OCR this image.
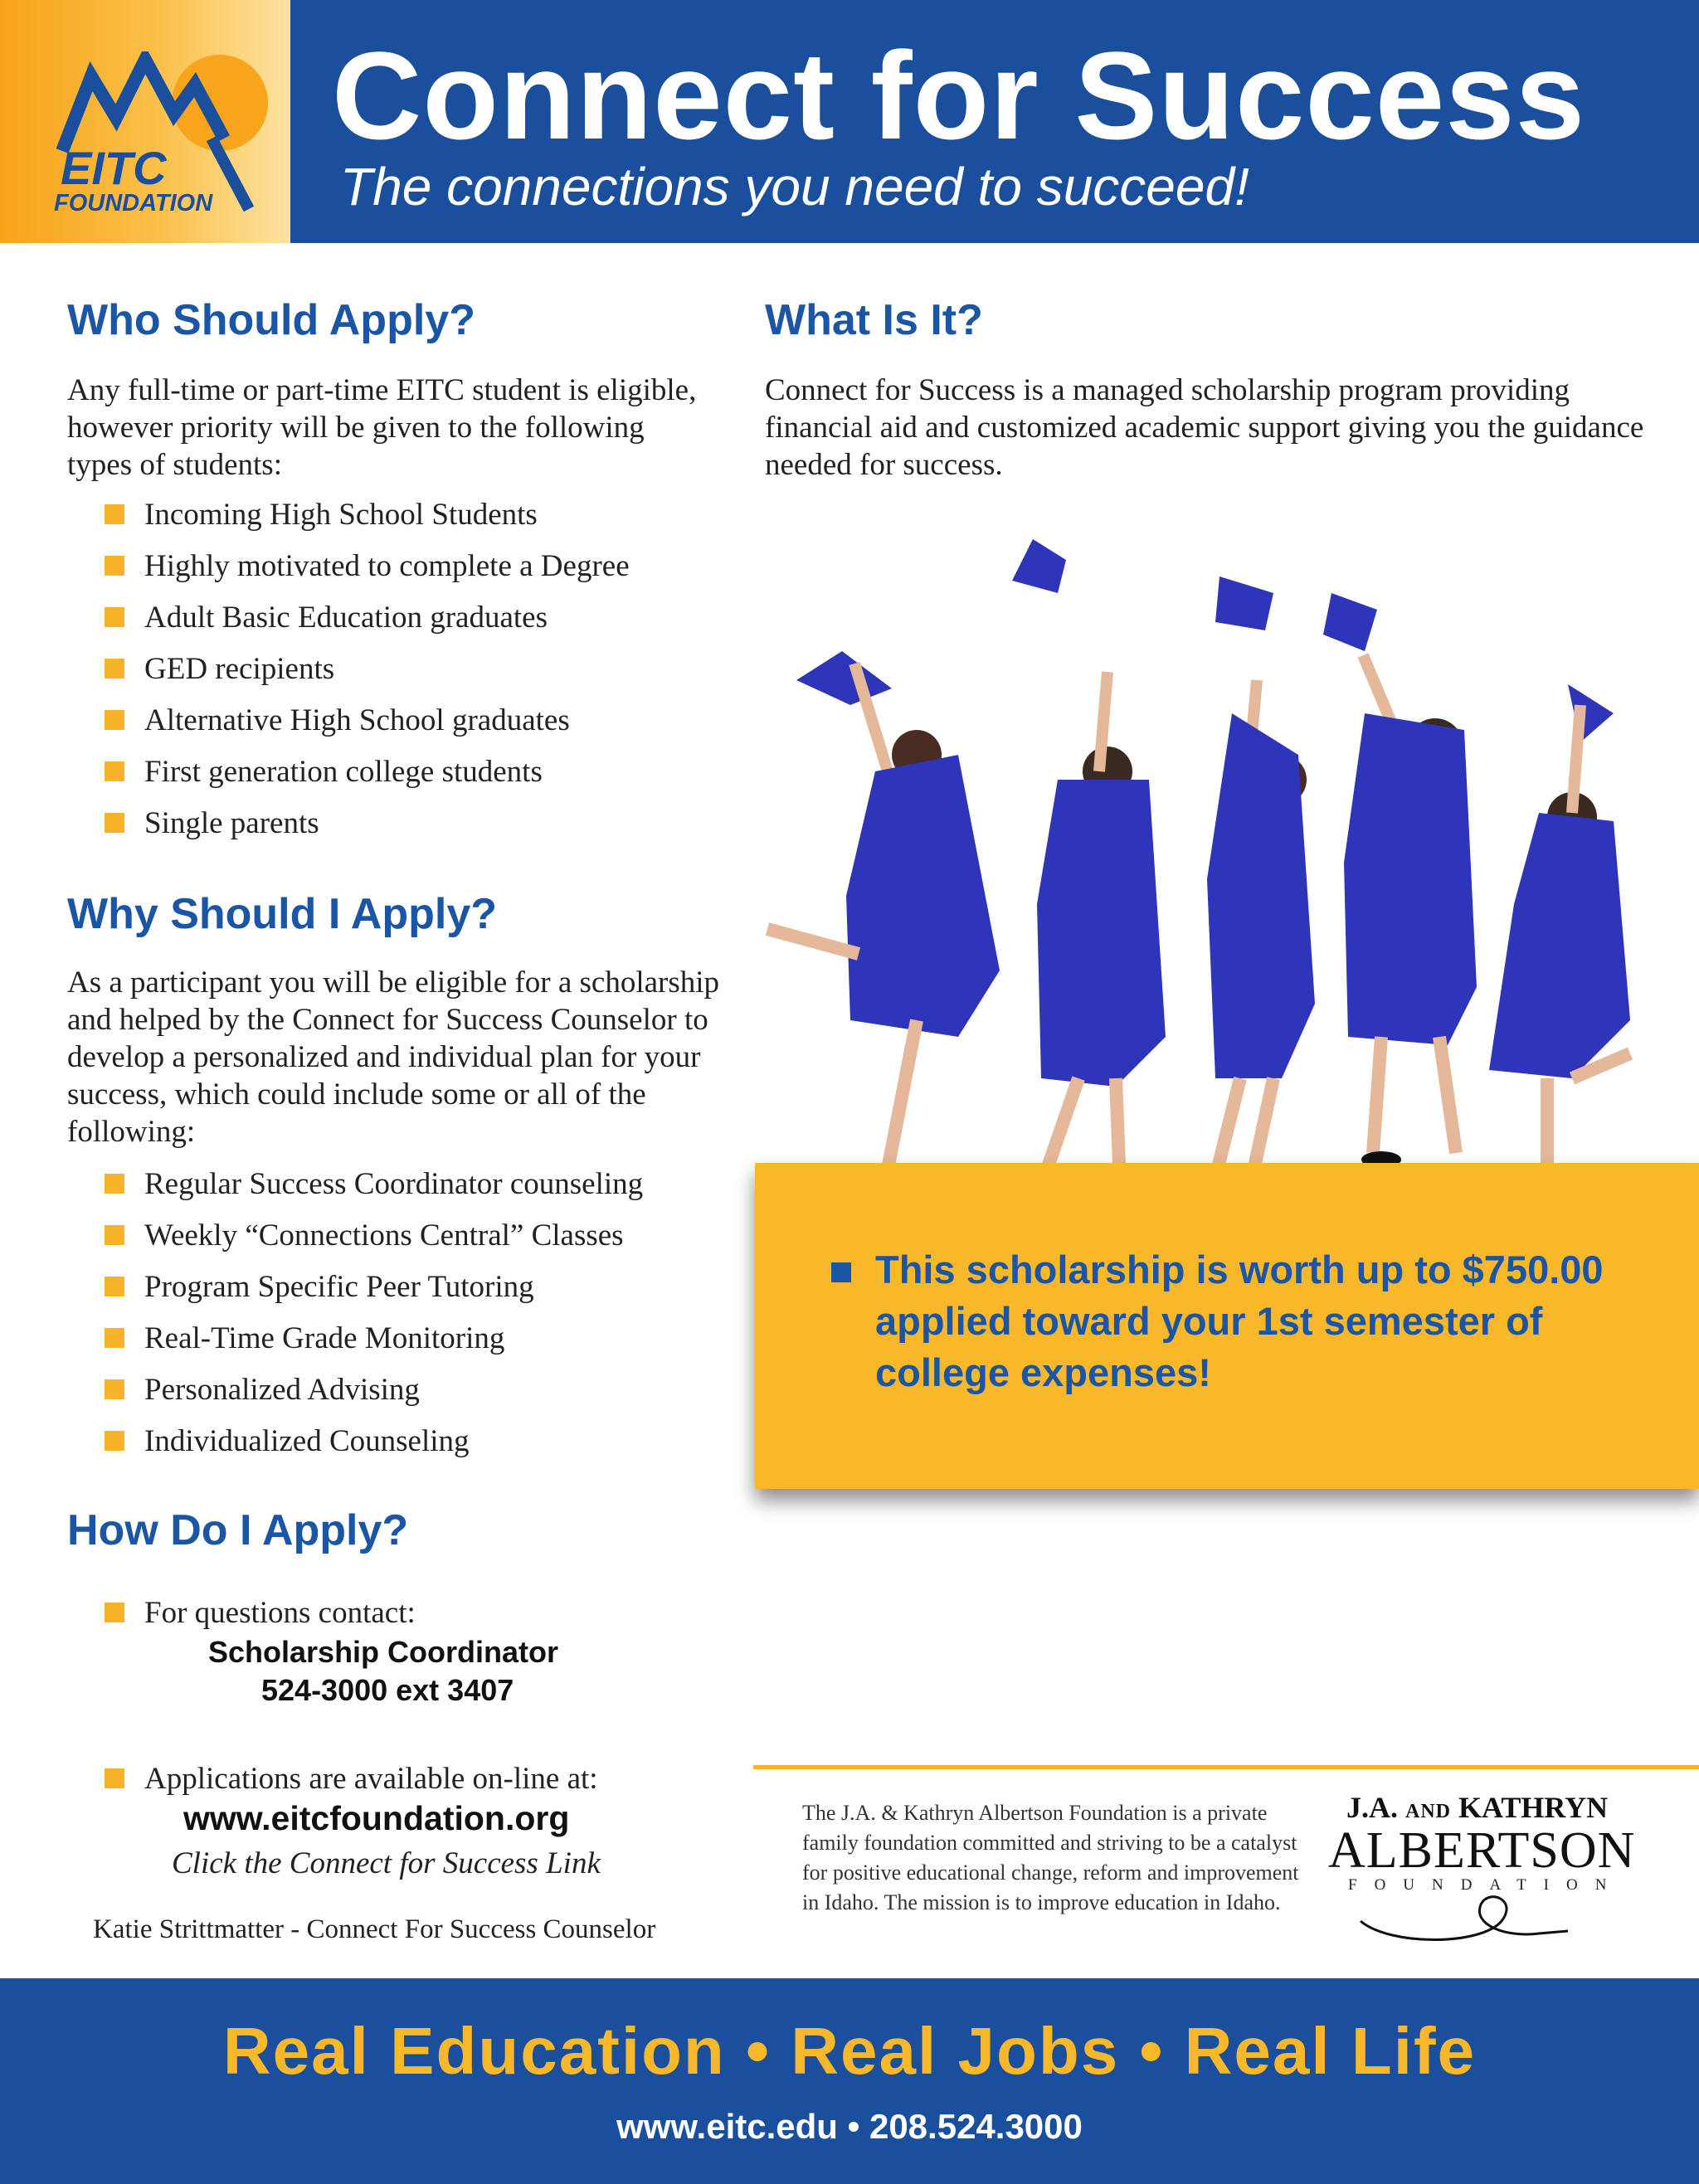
EITC
FOUNDATION
Connect for Success
The connections you need to succeed!
Who Should Apply?
Any full-time or part-time EITC student is eligible, however priority will be given to the following types of students:
Incoming High School Students
Highly motivated to complete a Degree
Adult Basic Education graduates
GED recipients
Alternative High School graduates
First generation college students
Single parents
What Is It?
Connect for Success is a managed scholarship program providing financial aid and customized academic support giving you the guidance needed for success.
This scholarship is worth up to $750.00 applied toward your 1st semester of college expenses!
Why Should I Apply?
As a participant you will be eligible for a scholarship and helped by the Connect for Success Counselor to develop a personalized and individual plan for your success, which could include some or all of the following:
Regular Success Coordinator counseling
Weekly “Connections Central” Classes
Program Specific Peer Tutoring
Real-Time Grade Monitoring
Personalized Advising
Individualized Counseling
How Do I Apply?
For questions contact:
Scholarship Coordinator
524-3000 ext 3407
Applications are available on-line at:
www.eitcfoundation.org
Click the Connect for Success Link
Katie Strittmatter - Connect For Success Counselor
The J.A. & Kathryn Albertson Foundation is a private family foundation committed and striving to be a catalyst for positive educational change, reform and improvement in Idaho. The mission is to improve education in Idaho.
J.A. AND KATHRYN
ALBERTSON
FOUNDATION
Real Education • Real Jobs • Real Life
www.eitc.edu • 208.524.3000
